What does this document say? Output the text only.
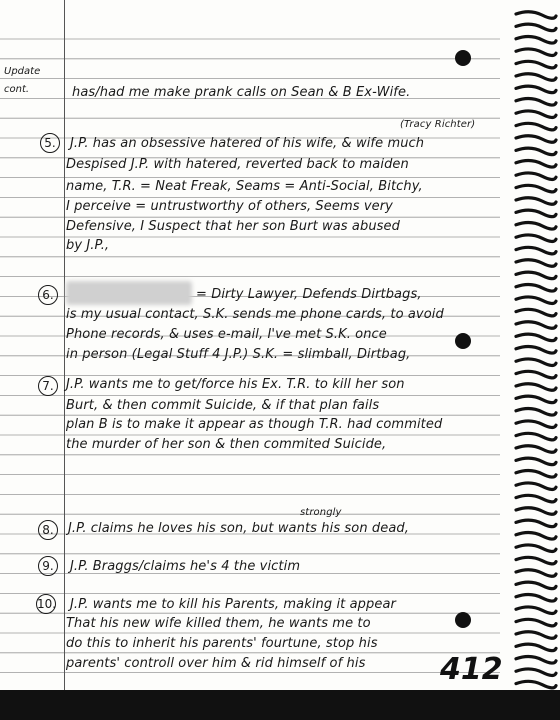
Update
cont.	has/had me make prank calls on Sean & B Ex-Wife.
(Tracy Richter)
5.	J.P. has an obsessive hatered of his wife, & wife much
Despised J.P. with hatered, reverted back to maiden
name, T.R. = Neat Freak, Seams = Anti-Social, Bitchy,
I perceive = untrustworthy of others, Seems very
Defensive, I Suspect that her son Burt was abused
by J.P.,
6.	= Dirty Lawyer, Defends Dirtbags,
is my usual contact, S.K. sends me phone cards, to avoid
Phone records, & uses e-mail, I've met S.K. once
in person (Legal Stuff 4 J.P.) S.K. = slimball, Dirtbag,
7. J.P. wants me to get/force his Ex. T.R. to kill her son
Burt, & then commit Suicide, & if that plan fails
plan B is to make it appear as though T.R. had commited
the murder of her son & then commited Suicide,
strongly
8.	J.P. claims he loves his son, but wants his son dead,
9.	J.P. Braggs/claims he's 4 the victim
10. J.P. wants me to kill his Parents, making it appear
That his new wife killed them, he wants me to
do this to inherit his parents' fourtune, stop his
parents' controll over him & rid himself of his 412
